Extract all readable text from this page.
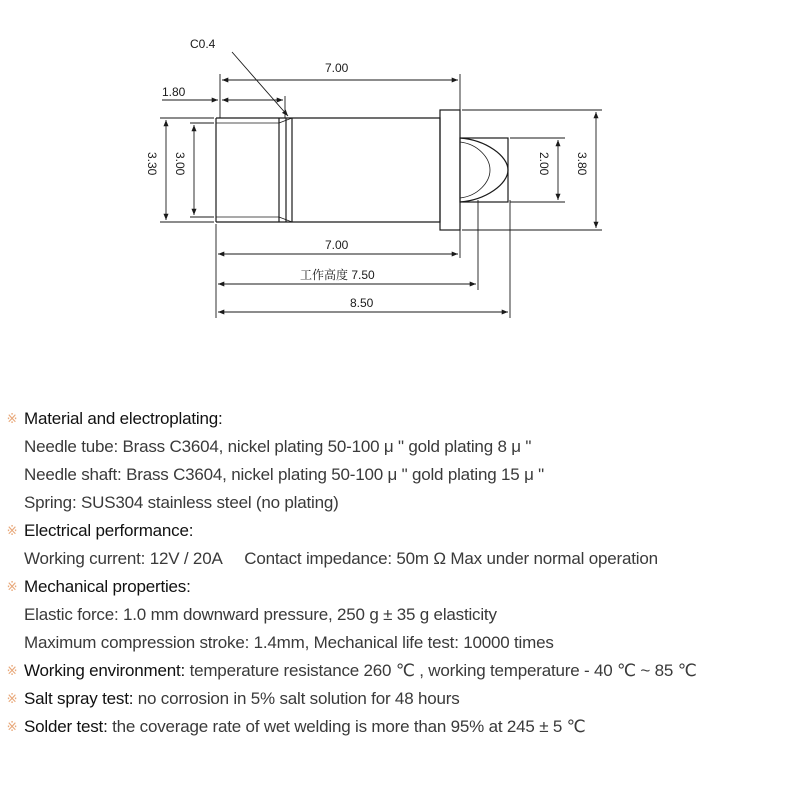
C0.4
7.00
1.80
3.30 3.00	2.00 3.80
7.00
工作高度 7.50
8.50
※ Material and electroplating:
Needle tube: Brass C3604, nickel plating 50-100 μ " gold plating 8 μ "
Needle shaft: Brass C3604, nickel plating 50-100 μ " gold plating 15 μ "
Spring: SUS304 stainless steel (no plating)
※ Electrical performance:
Working current: 12V / 20A     Contact impedance: 50m Ω Max under normal operation
※ Mechanical properties:
Elastic force: 1.0 mm downward pressure, 250 g ± 35 g elasticity
Maximum compression stroke: 1.4mm, Mechanical life test: 10000 times
※ Working environment: temperature resistance 260 ℃ , working temperature - 40 ℃ ~ 85 ℃
※ Salt spray test: no corrosion in 5% salt solution for 48 hours
※ Solder test: the coverage rate of wet welding is more than 95% at 245 ± 5 ℃
